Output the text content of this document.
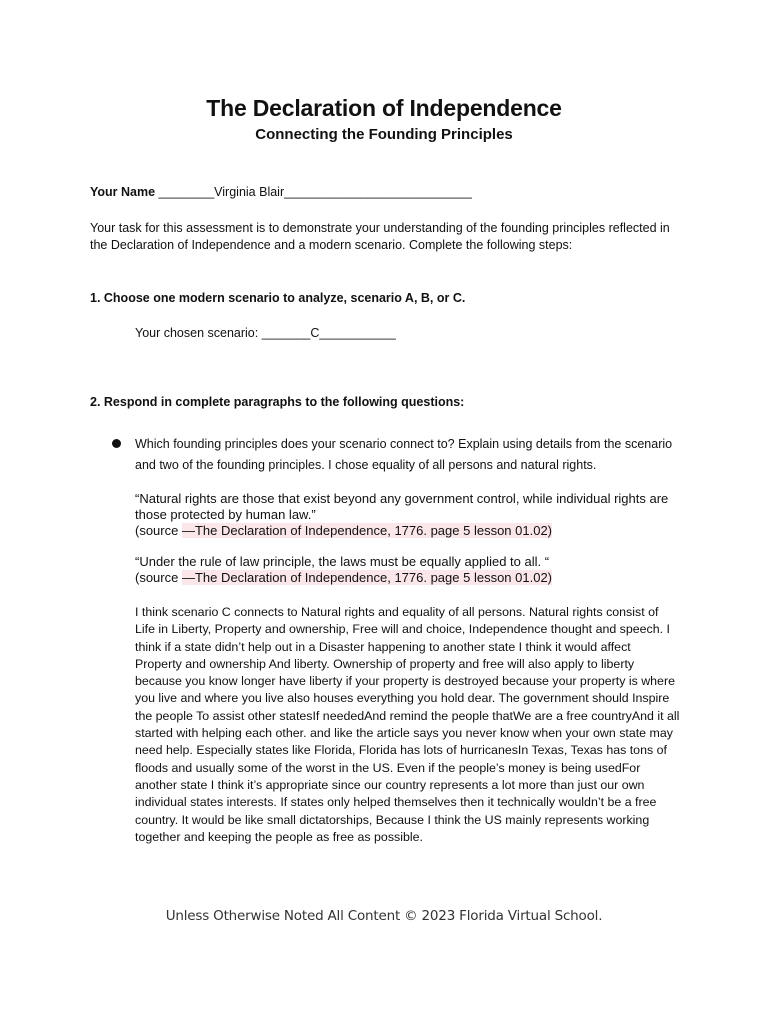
The Declaration of Independence
Connecting the Founding Principles
Your Name ________Virginia Blair___________________________
Your task for this assessment is to demonstrate your understanding of the founding principles reflected in the Declaration of Independence and a modern scenario. Complete the following steps:
1. Choose one modern scenario to analyze, scenario A, B, or C.
Your chosen scenario: _______C___________
2. Respond in complete paragraphs to the following questions:
Which founding principles does your scenario connect to? Explain using details from the scenario and two of the founding principles. I chose equality of all persons and natural rights.
“Natural rights are those that exist beyond any government control, while individual rights are those protected by human law.”
(source —The Declaration of Independence, 1776. page 5 lesson 01.02)
“Under the rule of law principle, the laws must be equally applied to all. “
(source —The Declaration of Independence, 1776. page 5 lesson 01.02)
I think scenario C connects to Natural rights and equality of all persons. Natural rights consist of Life in Liberty, Property and ownership, Free will and choice, Independence thought and speech. I think if a state didn’t help out in a Disaster happening to another state I think it would affect Property and ownership And liberty. Ownership of property and free will also apply to liberty because you know longer have liberty if your property is destroyed because your property is where you live and where you live also houses everything you hold dear. The government should Inspire the people To assist other statesIf neededAnd remind the people thatWe are a free countryAnd it all started with helping each other. and like the article says you never know when your own state may need help. Especially states like Florida, Florida has lots of hurricanesIn Texas, Texas has tons of floods and usually some of the worst in the US. Even if the people’s money is being usedFor another state I think it’s appropriate since our country represents a lot more than just our own individual states interests. If states only helped themselves then it technically wouldn’t be a free country. It would be like small dictatorships, Because I think the US mainly represents working together and keeping the people as free as possible.
Unless Otherwise Noted All Content © 2023 Florida Virtual School.
